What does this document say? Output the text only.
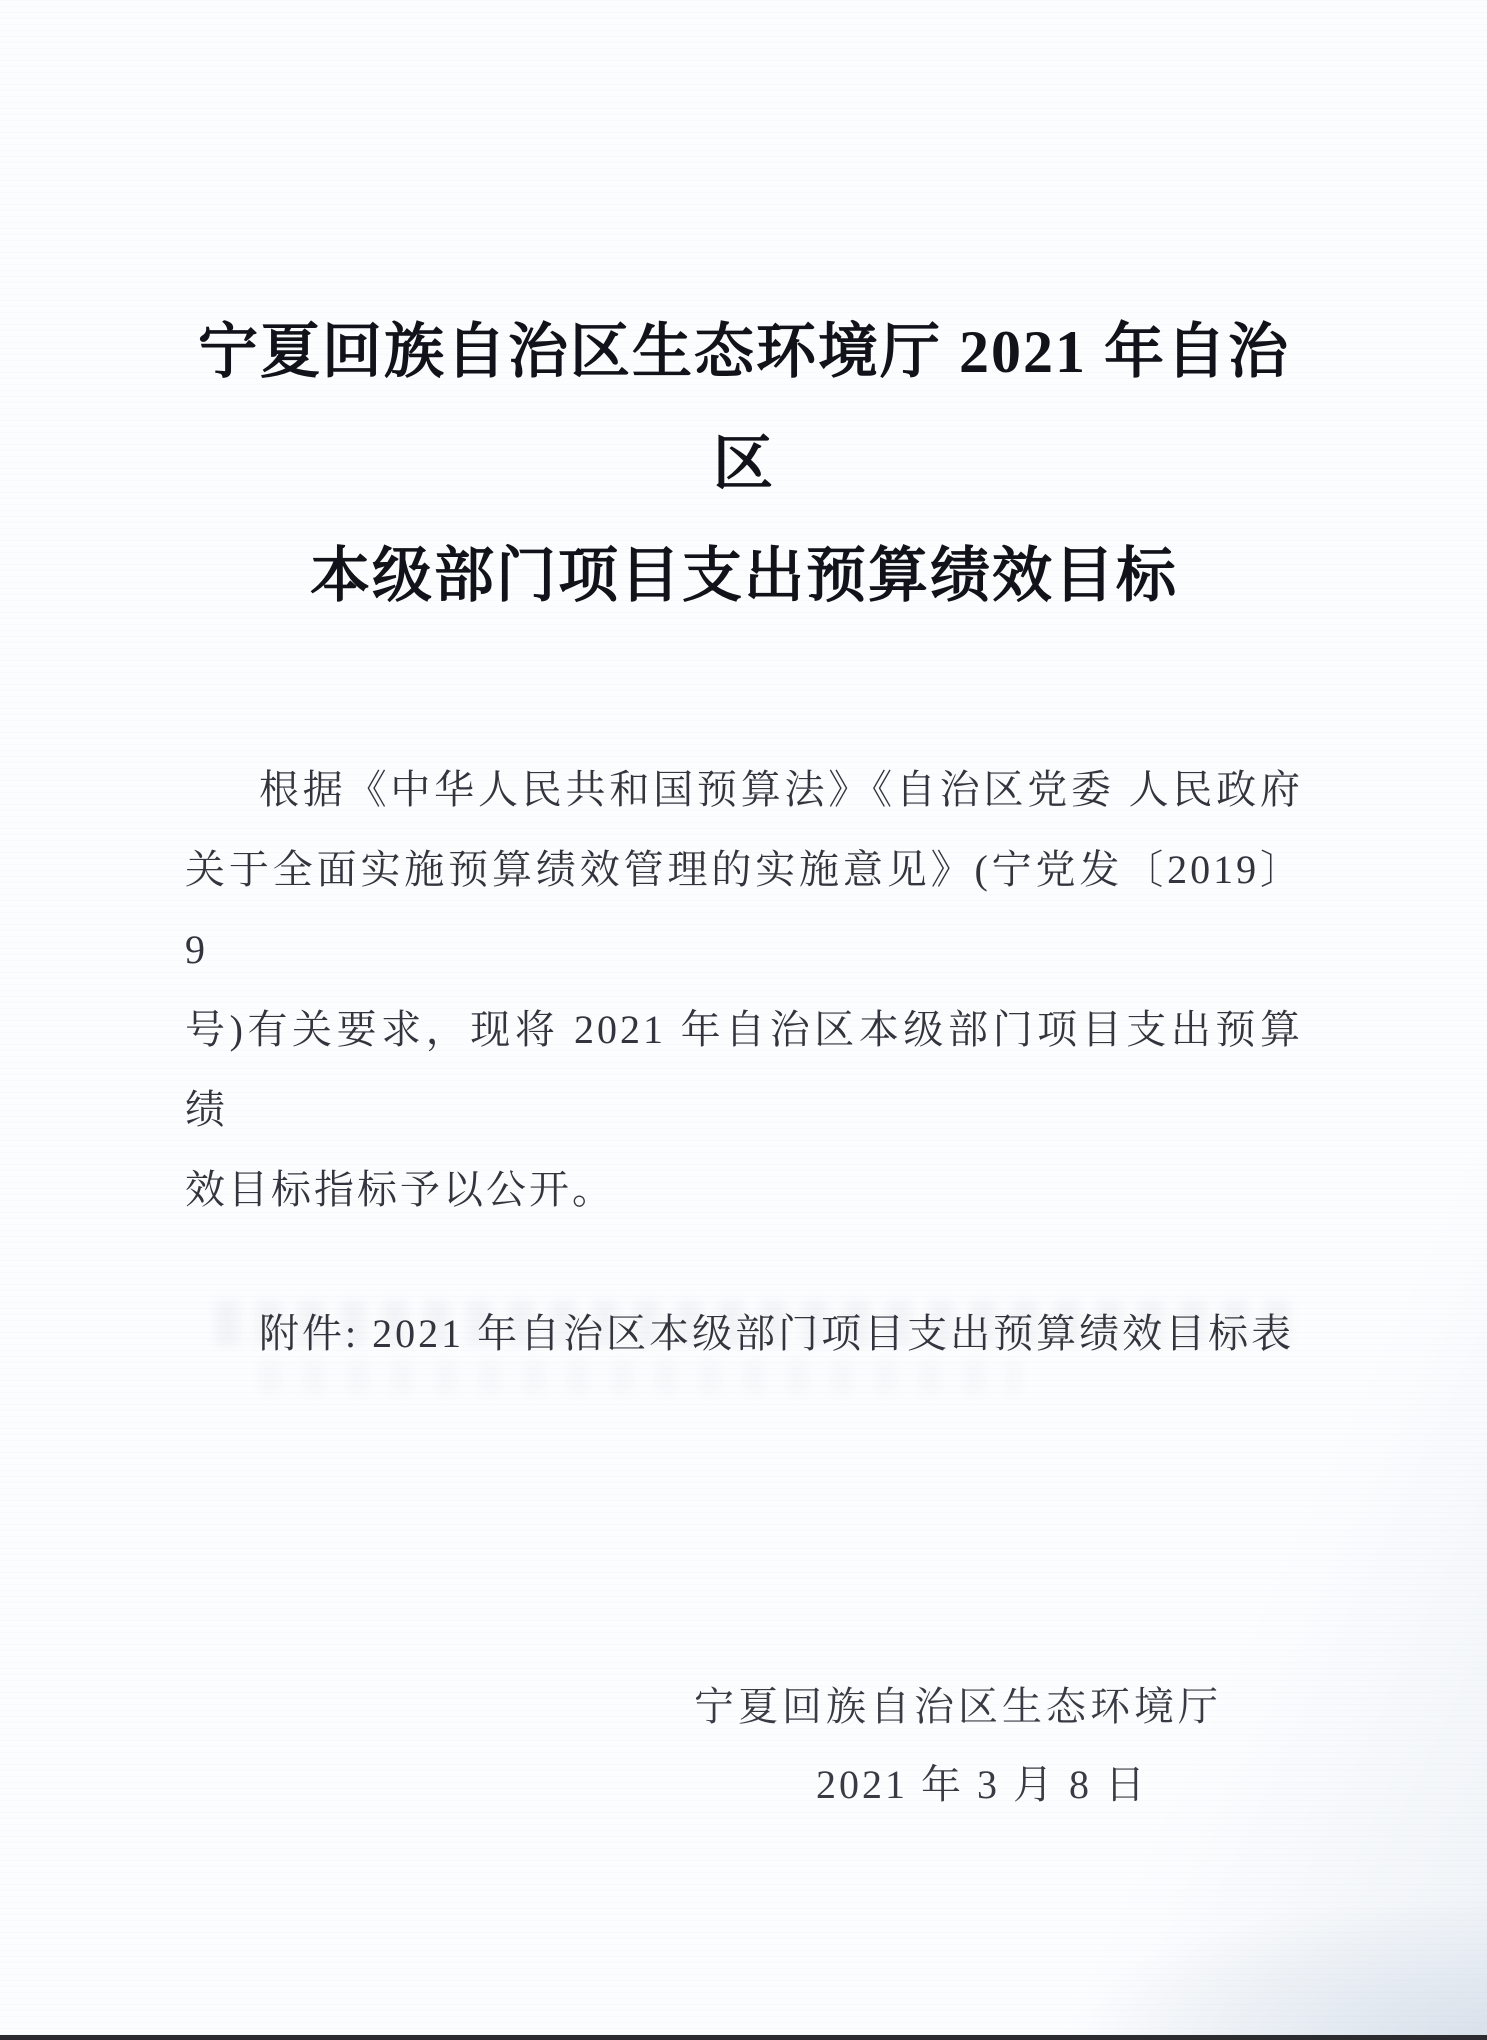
宁夏回族自治区生态环境厅 2021 年自治区
本级部门项目支出预算绩效目标
根据《中华人民共和国预算法》《自治区党委 人民政府
关于全面实施预算绩效管理的实施意见》(宁党发〔2019〕9
号)有关要求，现将 2021 年自治区本级部门项目支出预算绩
效目标指标予以公开。
附件: 2021 年自治区本级部门项目支出预算绩效目标表
宁夏回族自治区生态环境厅
2021 年 3 月 8 日
